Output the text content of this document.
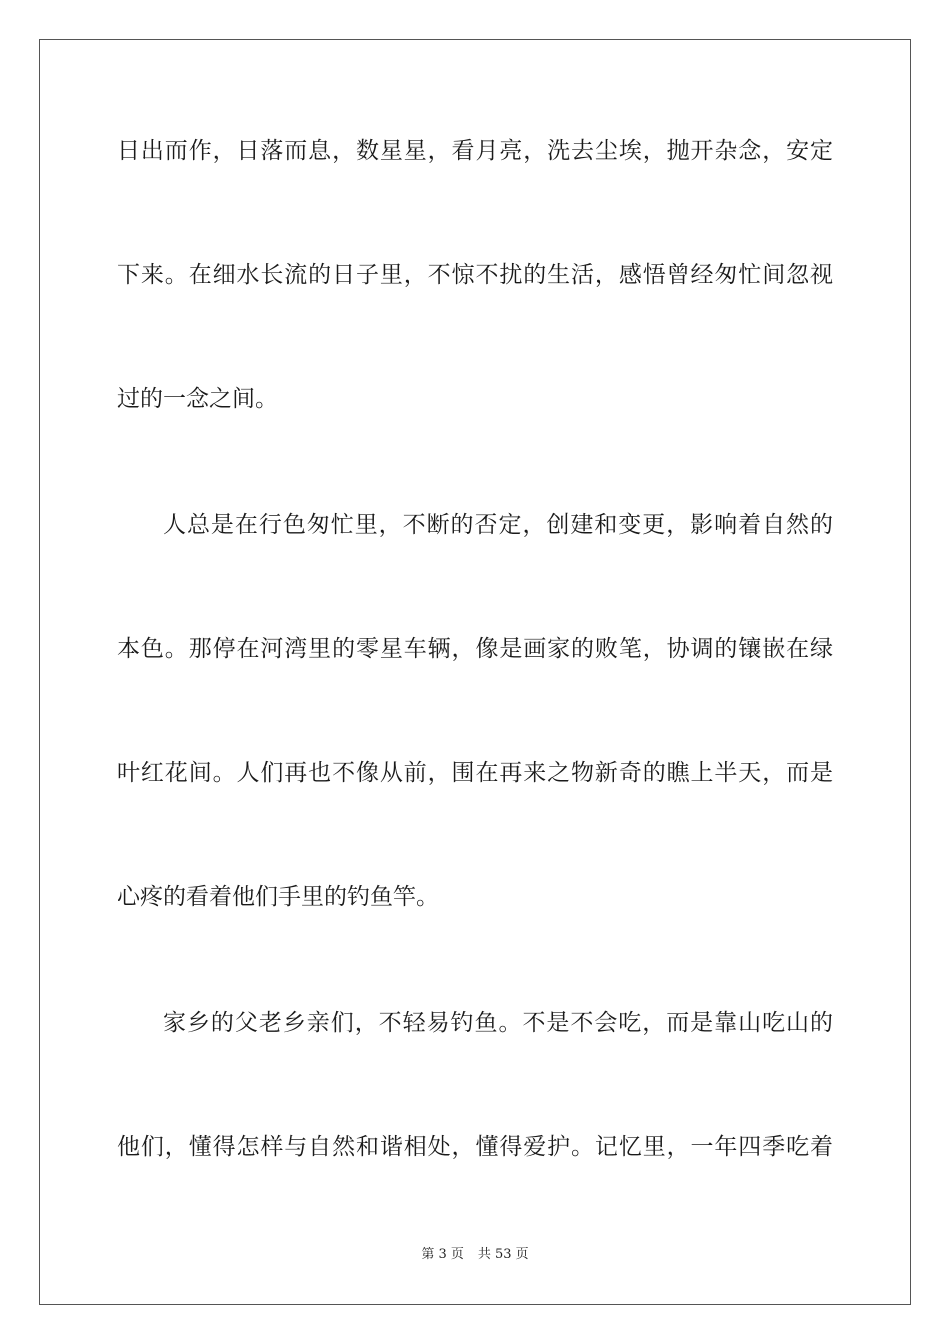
日出而作，日落而息，数星星，看月亮，洗去尘埃，抛开杂念，安定
下来。在细水长流的日子里，不惊不扰的生活，感悟曾经匆忙间忽视
过的一念之间。
人总是在行色匆忙里，不断的否定，创建和变更，影响着自然的
本色。那停在河湾里的零星车辆，像是画家的败笔，协调的镶嵌在绿
叶红花间。人们再也不像从前，围在再来之物新奇的瞧上半天，而是
心疼的看着他们手里的钓鱼竿。
家乡的父老乡亲们，不轻易钓鱼。不是不会吃，而是靠山吃山的
他们，懂得怎样与自然和谐相处，懂得爱护。记忆里，一年四季吃着
第 3 页 共 53 页
